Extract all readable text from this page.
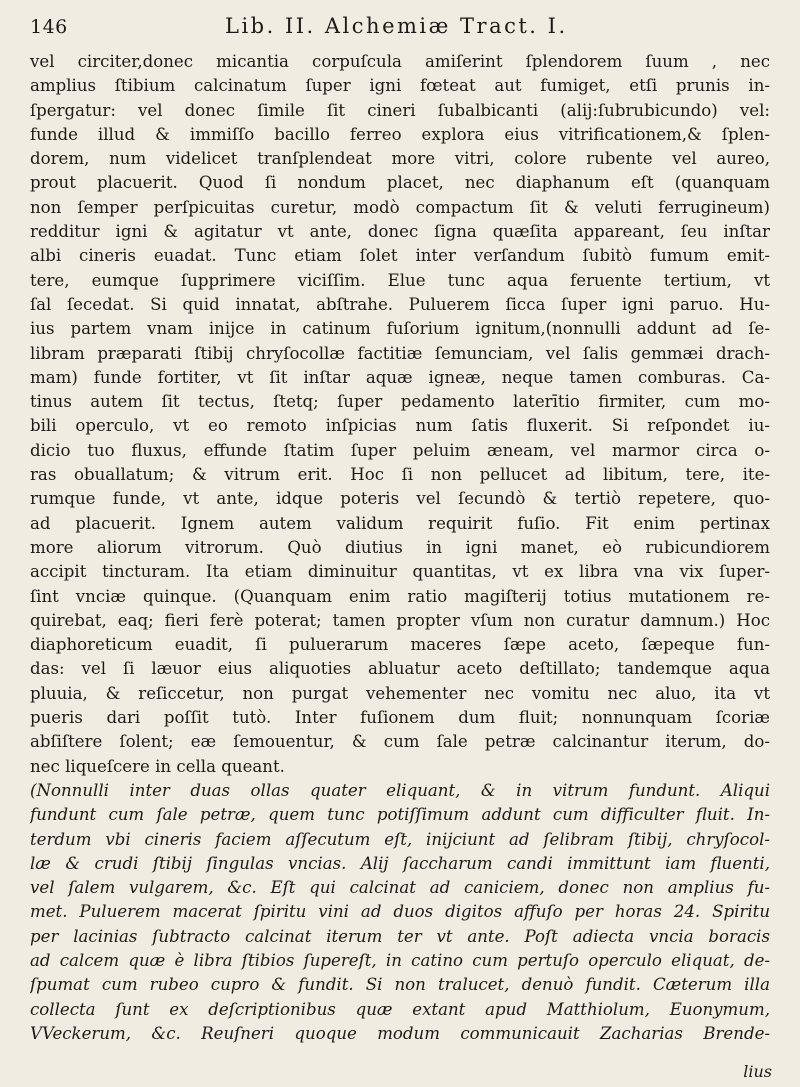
146	Lib. II. Alchemiæ Tract. I.
vel circiter,donec micantia corpuſcula amiſerint ſplendorem ſuum , nec
amplius ſtibium calcinatum ſuper igni fœteat aut fumiget, etſi prunis in-
ſpergatur: vel donec ſimile ſit cineri ſubalbicanti (alij:ſubrubicundo) vel:
funde illud & immiſſo bacillo ferreo explora eius vitrificationem,& ſplen-
dorem, num videlicet tranſplendeat more vitri, colore rubente vel aureo,
prout placuerit. Quod ſi nondum placet, nec diaphanum eſt (quanquam
non ſemper perſpicuitas curetur, modò compactum ſit & veluti ferrugineum)
redditur igni & agitatur vt ante, donec ſigna quæſita appareant, ſeu inſtar
albi cineris euadat. Tunc etiam ſolet inter verſandum ſubitò fumum emit-
tere, eumque ſupprimere viciſſim. Elue tunc aqua feruente tertium, vt
ſal ſecedat. Si quid innatat, abſtrahe. Puluerem ſicca ſuper igni paruo. Hu-
ius partem vnam inijce in catinum fuſorium ignitum,(nonnulli addunt ad ſe-
libram præparati ſtibij chryſocollæ factitiæ ſemunciam, vel ſalis gemmæi drach-
mam) funde fortiter, vt ſit inſtar aquæ igneæ, neque tamen comburas. Ca-
tinus autem ſit tectus, ſtetq; ſuper pedamento laterītio firmiter, cum mo-
bili operculo, vt eo remoto inſpicias num ſatis fluxerit. Si reſpondet iu-
dicio tuo fluxus, effunde ſtatim ſuper peluim æneam, vel marmor circa o-
ras obuallatum; & vitrum erit. Hoc ſi non pellucet ad libitum, tere, ite-
rumque funde, vt ante, idque poteris vel ſecundò & tertiò repetere, quo-
ad placuerit. Ignem autem validum requirit fuſio. Fit enim pertinax
more aliorum vitrorum. Quò diutius in igni manet, eò rubicundiorem
accipit tincturam. Ita etiam diminuitur quantitas, vt ex libra vna vix ſuper-
ſint vnciæ quinque. (Quanquam enim ratio magiſterij totius mutationem re-
quirebat, eaq; fieri ferè poterat; tamen propter vſum non curatur damnum.) Hoc
diaphoreticum euadit, ſi puluerarum maceres ſæpe aceto, ſæpeque fun-
das: vel ſi læuor eius aliquoties abluatur aceto deſtillato; tandemque aqua
pluuia, & reſiccetur, non purgat vehementer nec vomitu nec aluo, ita vt
pueris dari poſſit tutò. Inter fuſionem dum fluit; nonnunquam ſcoriæ
abſiſtere ſolent; eæ ſemouentur, & cum ſale petræ calcinantur iterum, do-
nec liqueſcere in cella queant.
(Nonnulli inter duas ollas quater eliquant, & in vitrum fundunt. Aliqui
fundunt cum ſale petræ, quem tunc potiſſimum addunt cum difficulter fluit. In-
terdum vbi cineris faciem aſſecutum eſt, inijciunt ad ſelibram ſtibij, chryſocol-
læ & crudi ſtibij ſingulas vncias. Alij ſaccharum candi immittunt iam fluenti,
vel ſalem vulgarem, &c. Eſt qui calcinat ad caniciem, donec non amplius fu-
met. Puluerem macerat ſpiritu vini ad duos digitos affuſo per horas 24. Spiritu
per lacinias ſubtracto calcinat iterum ter vt ante. Poſt adiecta vncia boracis
ad calcem quæ è libra ſtibios ſupereſt, in catino cum pertuſo operculo eliquat, de-
ſpumat cum rubeo cupro & fundit. Si non tralucet, denuò fundit. Cæterum illa
collecta ſunt ex deſcriptionibus quæ extant apud Matthiolum, Euonymum,
VVeckerum, &c. Reuſneri quoque modum communicauit Zacharias Brende-
lius
